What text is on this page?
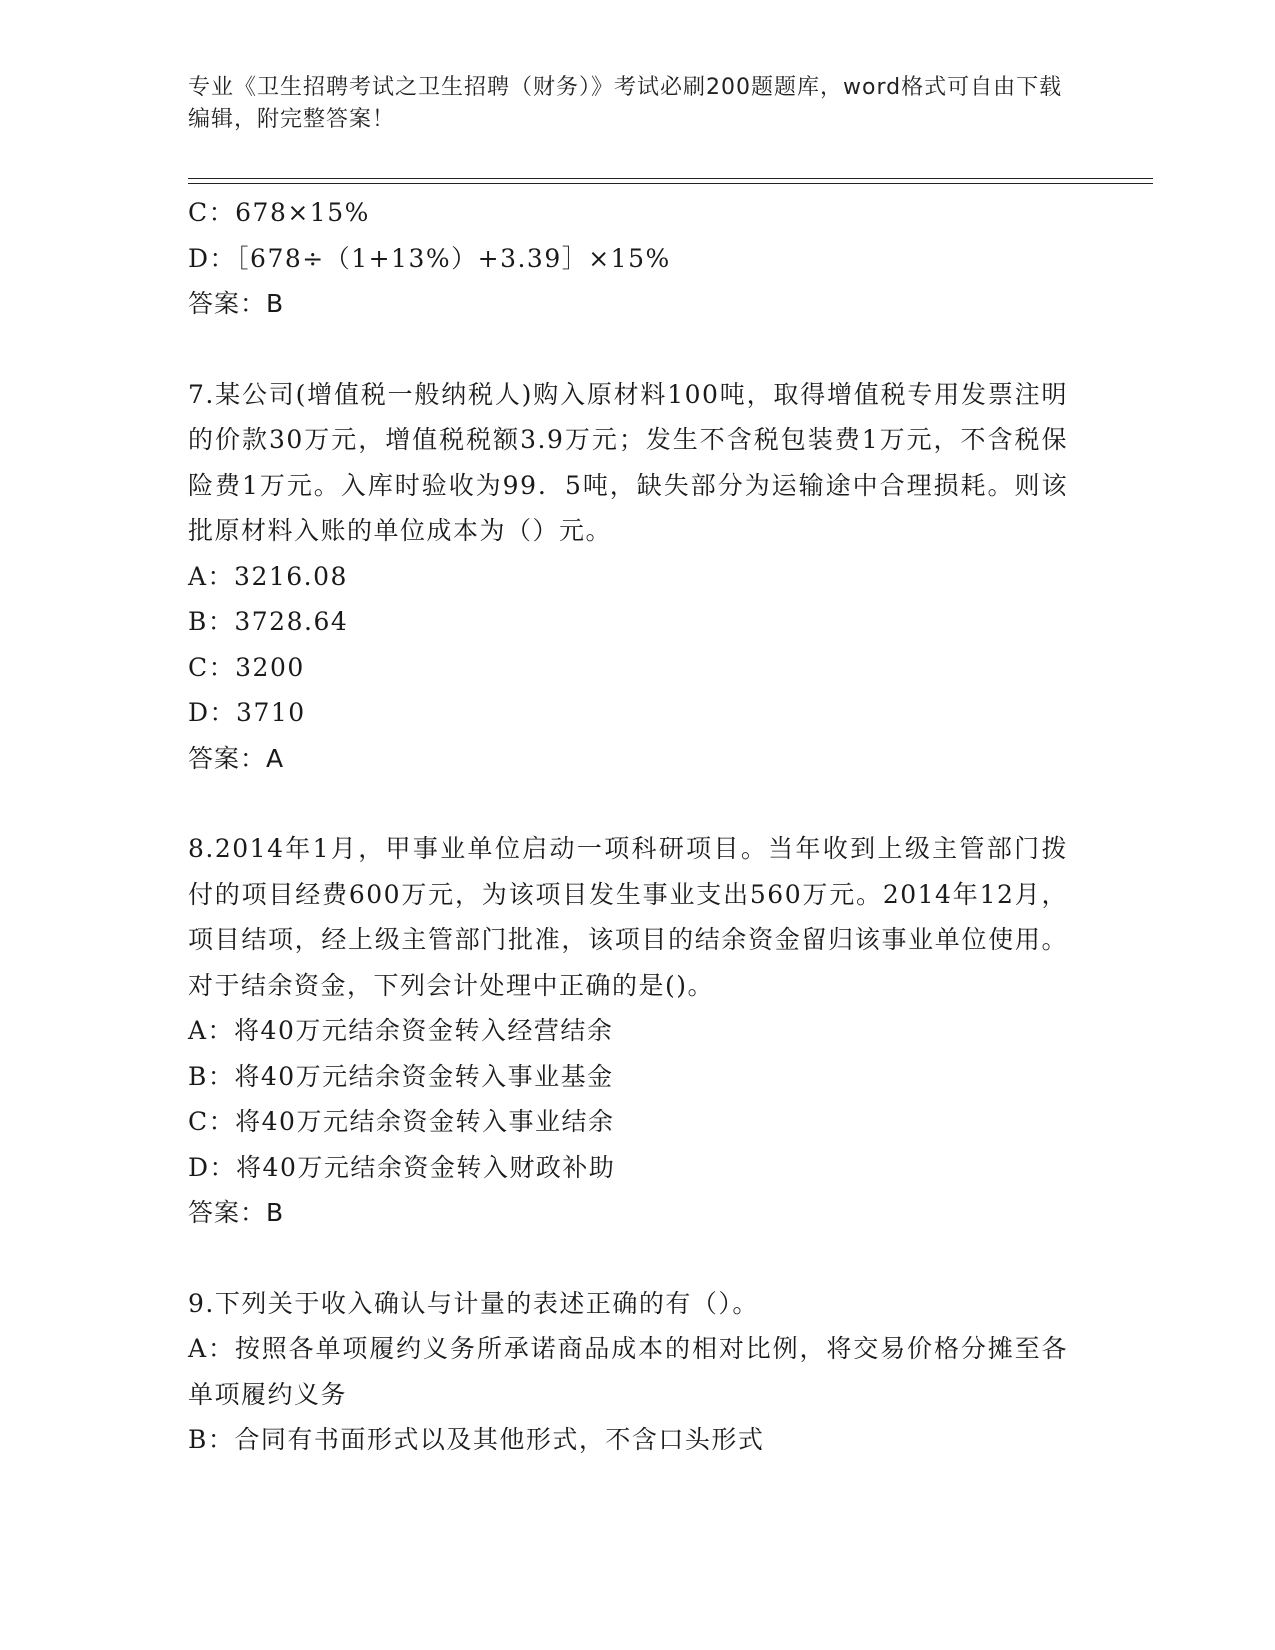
专业《卫生招聘考试之卫生招聘（财务）》考试必刷200题题库，word格式可自由下载编辑，附完整答案！
C：678×15%
D：［678÷（1+13%）+3.39］×15%
答案：B
7.某公司(增值税一般纳税人)购入原材料100吨，取得增值税专用发票注明的价款30万元，增值税税额3.9万元；发生不含税包装费1万元，不含税保险费1万元。入库时验收为99．5吨，缺失部分为运输途中合理损耗。则该批原材料入账的单位成本为（）元。
A：3216.08
B：3728.64
C：3200
D：3710
答案：A
8.2014年1月，甲事业单位启动一项科研项目。当年收到上级主管部门拨付的项目经费600万元，为该项目发生事业支出560万元。2014年12月，项目结项，经上级主管部门批准，该项目的结余资金留归该事业单位使用。对于结余资金，下列会计处理中正确的是()。
A：将40万元结余资金转入经营结余
B：将40万元结余资金转入事业基金
C：将40万元结余资金转入事业结余
D：将40万元结余资金转入财政补助
答案：B
9.下列关于收入确认与计量的表述正确的有（）。
A：按照各单项履约义务所承诺商品成本的相对比例，将交易价格分摊至各单项履约义务
B：合同有书面形式以及其他形式，不含口头形式
